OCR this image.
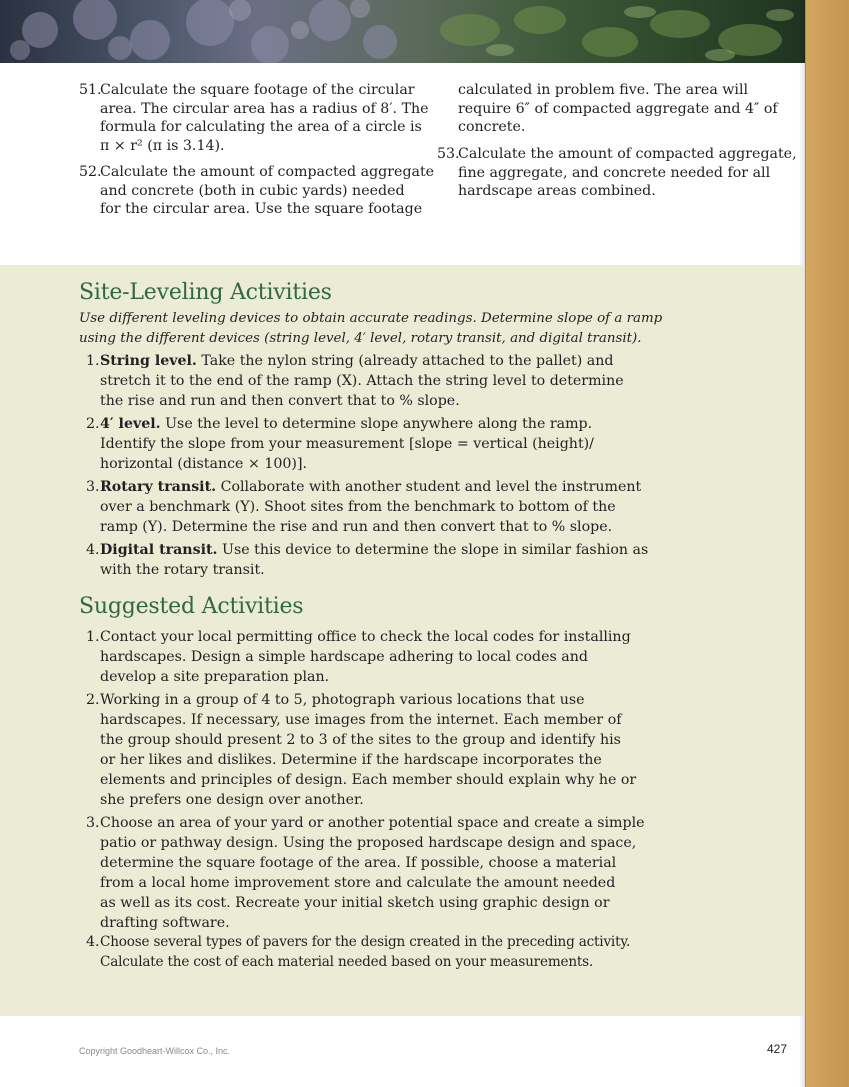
51.
Calculate the square footage of the circular
area. The circular area has a radius of 8′. The
formula for calculating the area of a circle is
π × r² (π is 3.14).
52.
Calculate the amount of compacted aggregate
and concrete (both in cubic yards) needed
for the circular area. Use the square footage
calculated in problem five. The area will
require 6″ of compacted aggregate and 4″ of
concrete.
53.
Calculate the amount of compacted aggregate,
fine aggregate, and concrete needed for all
hardscape areas combined.
Site-Leveling Activities
Use different leveling devices to obtain accurate readings. Determine slope of a ramp
using the different devices (string level, 4′ level, rotary transit, and digital transit).
1. String level. Take the nylon string (already attached to the pallet) and
stretch it to the end of the ramp (X). Attach the string level to determine
the rise and run and then convert that to % slope.
2. 4′ level. Use the level to determine slope anywhere along the ramp.
Identify the slope from your measurement [slope = vertical (height)/
horizontal (distance × 100)].
3. Rotary transit. Collaborate with another student and level the instrument
over a benchmark (Y). Shoot sites from the benchmark to bottom of the
ramp (Y). Determine the rise and run and then convert that to % slope.
4. Digital transit. Use this device to determine the slope in similar fashion as
with the rotary transit.
Suggested Activities
1. Contact your local permitting office to check the local codes for installing
hardscapes. Design a simple hardscape adhering to local codes and
develop a site preparation plan.
2. Working in a group of 4 to 5, photograph various locations that use
hardscapes. If necessary, use images from the internet. Each member of
the group should present 2 to 3 of the sites to the group and identify his
or her likes and dislikes. Determine if the hardscape incorporates the
elements and principles of design. Each member should explain why he or
she prefers one design over another.
3. Choose an area of your yard or another potential space and create a simple
patio or pathway design. Using the proposed hardscape design and space,
determine the square footage of the area. If possible, choose a material
from a local home improvement store and calculate the amount needed
as well as its cost. Recreate your initial sketch using graphic design or
drafting software.
4. Choose several types of pavers for the design created in the preceding activity.
Calculate the cost of each material needed based on your measurements.
Copyright Goodheart-Willcox Co., Inc.	427
